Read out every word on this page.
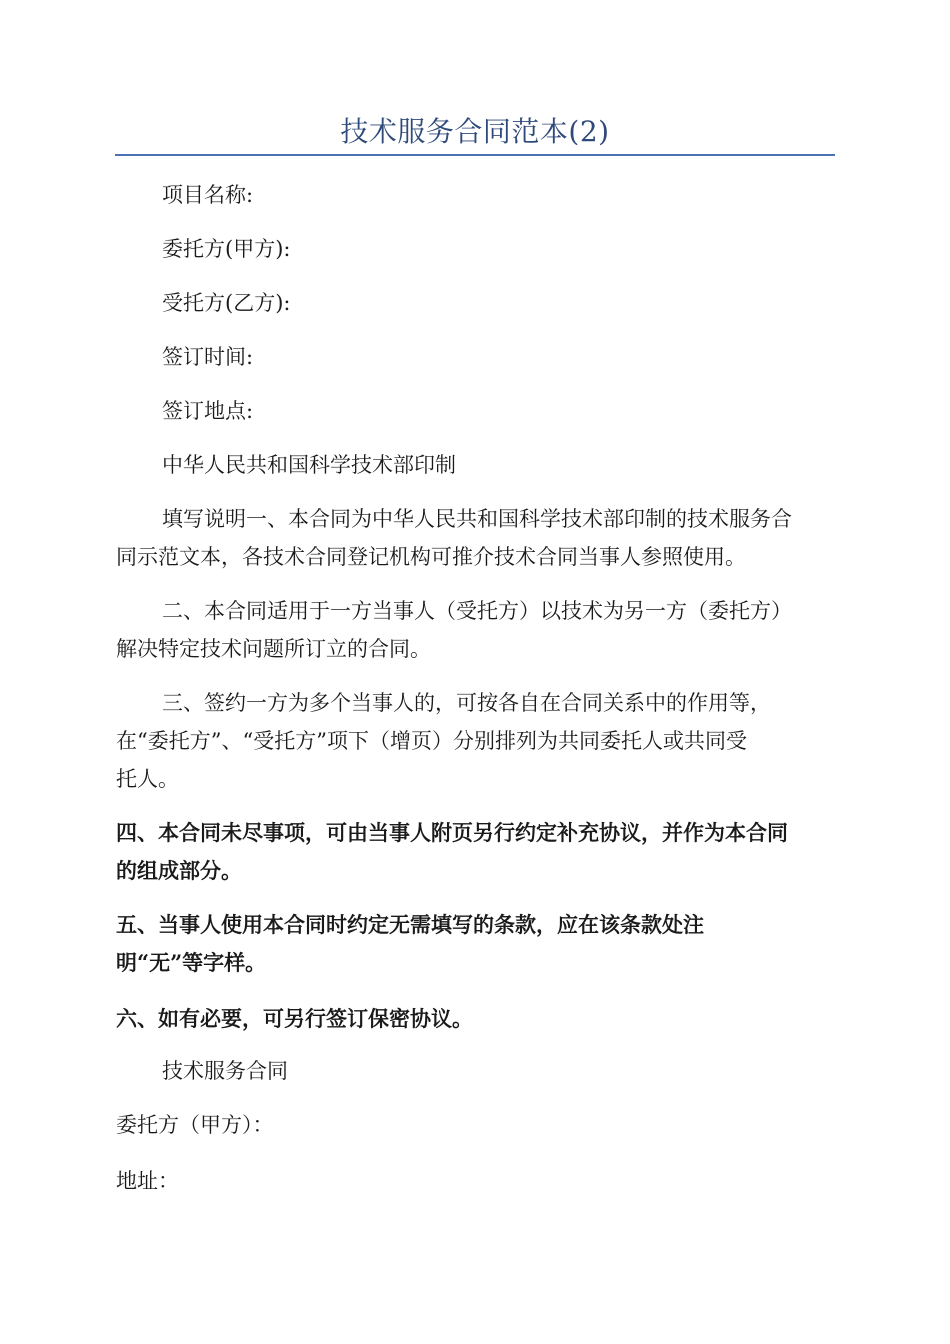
技术服务合同范本(2)

项目名称:

委托方(甲方):

受托方(乙方):

签订时间:

签订地点:

中华人民共和国科学技术部印制

填写说明一、本合同为中华人民共和国科学技术部印制的技术服务合
同示范文本，各技术合同登记机构可推介技术合同当事人参照使用。
二、本合同适用于一方当事人（受托方）以技术为另一方（委托方）
解决特定技术问题所订立的合同。
三、签约一方为多个当事人的，可按各自在合同关系中的作用等，
在“委托方”、“受托方”项下（增页）分别排列为共同委托人或共同受
托人。
四、本合同未尽事项，可由当事人附页另行约定补充协议，并作为本合同
的组成部分。
五、当事人使用本合同时约定无需填写的条款，应在该条款处注
明“无”等字样。

六、如有必要，可另行签订保密协议。

技术服务合同

委托方（甲方）：

地址：
